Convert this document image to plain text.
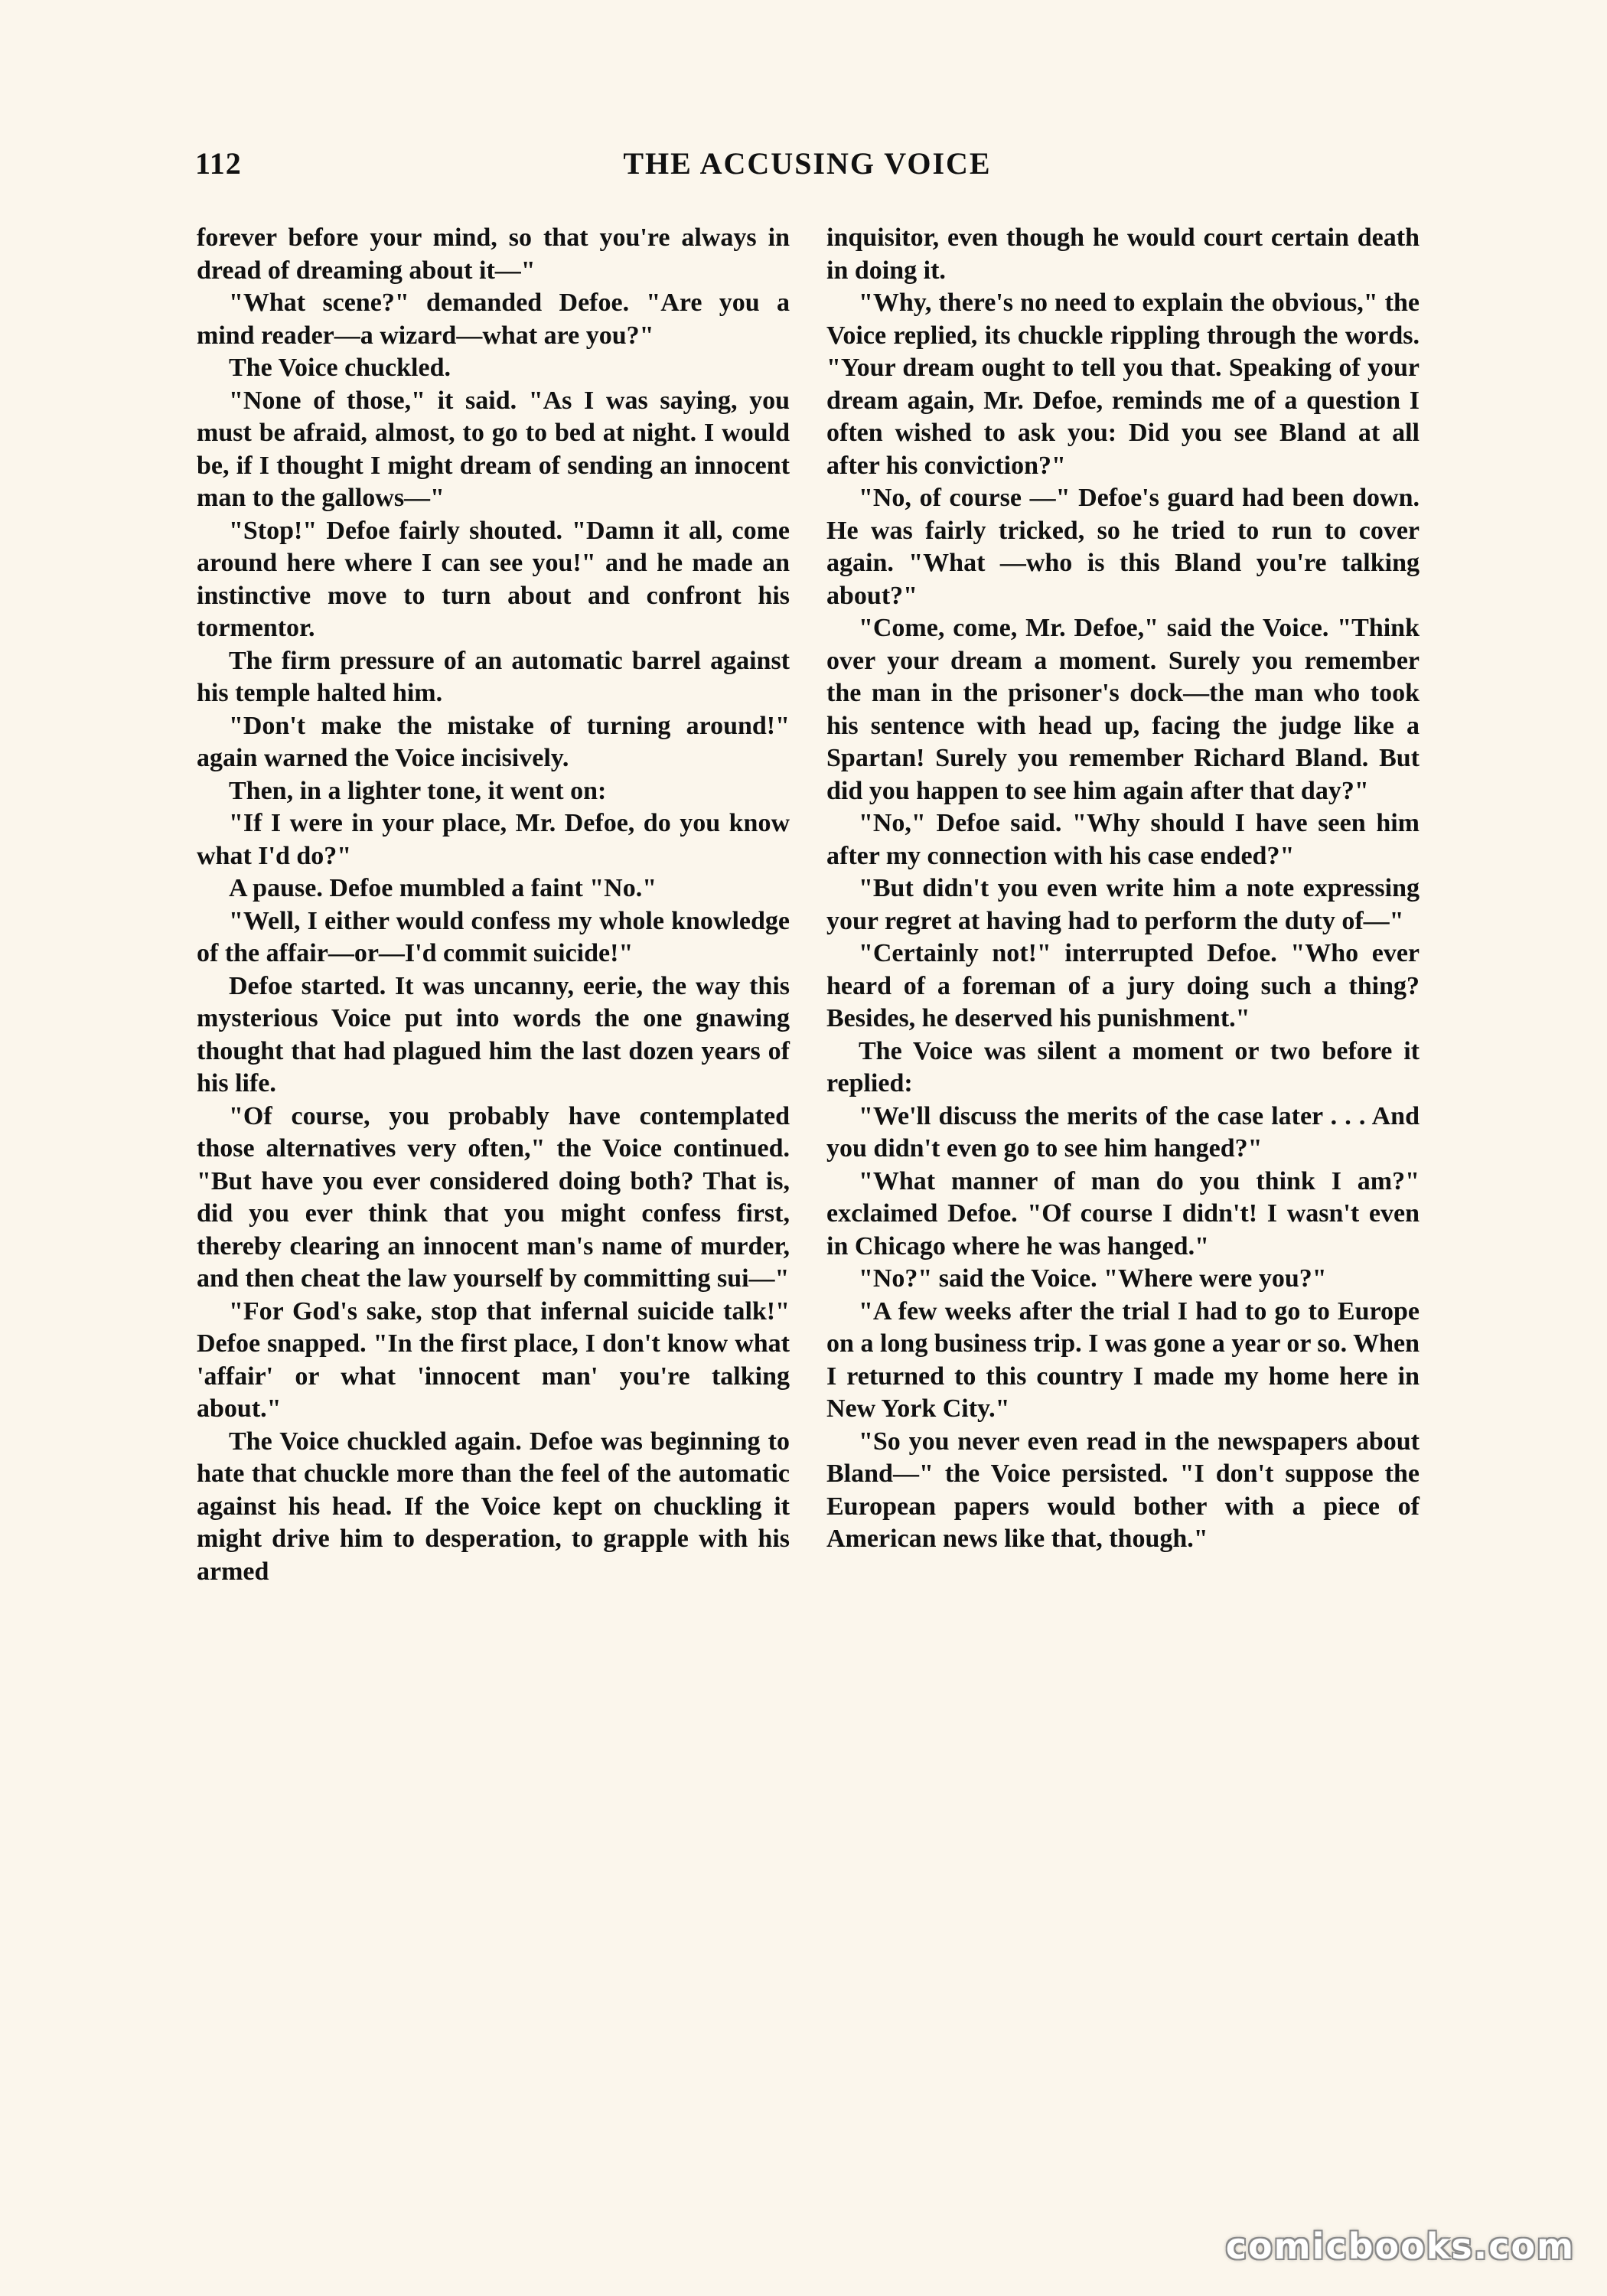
112	THE ACCUSING VOICE

forever before your mind, so that you're always in dread of dreaming about it—"

"What scene?" demanded Defoe. "Are you a mind reader—a wizard—what are you?"

The Voice chuckled.

"None of those," it said. "As I was saying, you must be afraid, almost, to go to bed at night. I would be, if I thought I might dream of sending an innocent man to the gallows—"

"Stop!" Defoe fairly shouted. "Damn it all, come around here where I can see you!" and he made an instinctive move to turn about and confront his tormentor.

The firm pressure of an automatic barrel against his temple halted him.

"Don't make the mistake of turning around!" again warned the Voice incisively.

Then, in a lighter tone, it went on:

"If I were in your place, Mr. Defoe, do you know what I'd do?"

A pause. Defoe mumbled a faint "No."

"Well, I either would confess my whole knowledge of the affair—or—I'd commit suicide!"

Defoe started. It was uncanny, eerie, the way this mysterious Voice put into words the one gnawing thought that had plagued him the last dozen years of his life.

"Of course, you probably have contemplated those alternatives very often," the Voice continued. "But have you ever considered doing both? That is, did you ever think that you might confess first, thereby clearing an innocent man's name of murder, and then cheat the law yourself by committing sui—"

"For God's sake, stop that infernal suicide talk!" Defoe snapped. "In the first place, I don't know what 'affair' or what 'innocent man' you're talking about."

The Voice chuckled again. Defoe was beginning to hate that chuckle more than the feel of the automatic against his head. If the Voice kept on chuckling it might drive him to desperation, to grapple with his armed

inquisitor, even though he would court certain death in doing it.

"Why, there's no need to explain the obvious," the Voice replied, its chuckle rippling through the words. "Your dream ought to tell you that. Speaking of your dream again, Mr. Defoe, reminds me of a question I often wished to ask you: Did you see Bland at all after his conviction?"

"No, of course —" Defoe's guard had been down. He was fairly tricked, so he tried to run to cover again. "What —who is this Bland you're talking about?"

"Come, come, Mr. Defoe," said the Voice. "Think over your dream a moment. Surely you remember the man in the prisoner's dock—the man who took his sentence with head up, facing the judge like a Spartan! Surely you remember Richard Bland. But did you happen to see him again after that day?"

"No," Defoe said. "Why should I have seen him after my connection with his case ended?"

"But didn't you even write him a note expressing your regret at having had to perform the duty of—"

"Certainly not!" interrupted Defoe. "Who ever heard of a foreman of a jury doing such a thing? Besides, he deserved his punishment."

The Voice was silent a moment or two before it replied:

"We'll discuss the merits of the case later . . . And you didn't even go to see him hanged?"

"What manner of man do you think I am?" exclaimed Defoe. "Of course I didn't! I wasn't even in Chicago where he was hanged."

"No?" said the Voice. "Where were you?"

"A few weeks after the trial I had to go to Europe on a long business trip. I was gone a year or so. When I returned to this country I made my home here in New York City."

"So you never even read in the newspapers about Bland—" the Voice persisted. "I don't suppose the European papers would bother with a piece of American news like that, though."

comicbooks.com
